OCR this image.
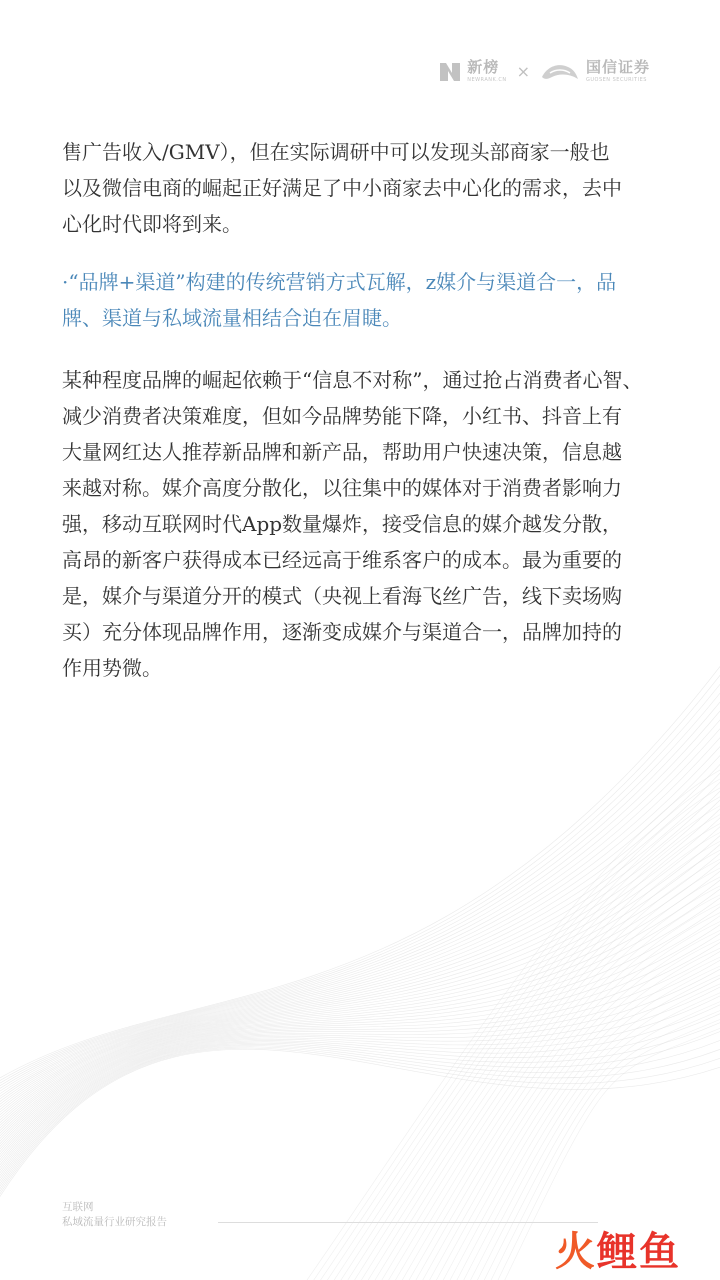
新榜
NEWRANK.CN ×	国信证券
GUOSEN SECURITIES

售广告收入/GMV），但在实际调研中可以发现头部商家一般也
以及微信电商的崛起正好满足了中小商家去中心化的需求，去中
心化时代即将到来。

·“品牌+渠道”构建的传统营销方式瓦解，z媒介与渠道合一，品
牌、渠道与私域流量相结合迫在眉睫。

某种程度品牌的崛起依赖于“信息不对称”，通过抢占消费者心智、
减少消费者决策难度，但如今品牌势能下降，小红书、抖音上有
大量网红达人推荐新品牌和新产品，帮助用户快速决策，信息越
来越对称。媒介高度分散化，以往集中的媒体对于消费者影响力
强，移动互联网时代App数量爆炸，接受信息的媒介越发分散，
高昂的新客户获得成本已经远高于维系客户的成本。最为重要的
是，媒介与渠道分开的模式（央视上看海飞丝广告，线下卖场购
买）充分体现品牌作用，逐渐变成媒介与渠道合一，品牌加持的
作用势微。

互联网
私域流量行业研究报告
火 鲤 鱼
